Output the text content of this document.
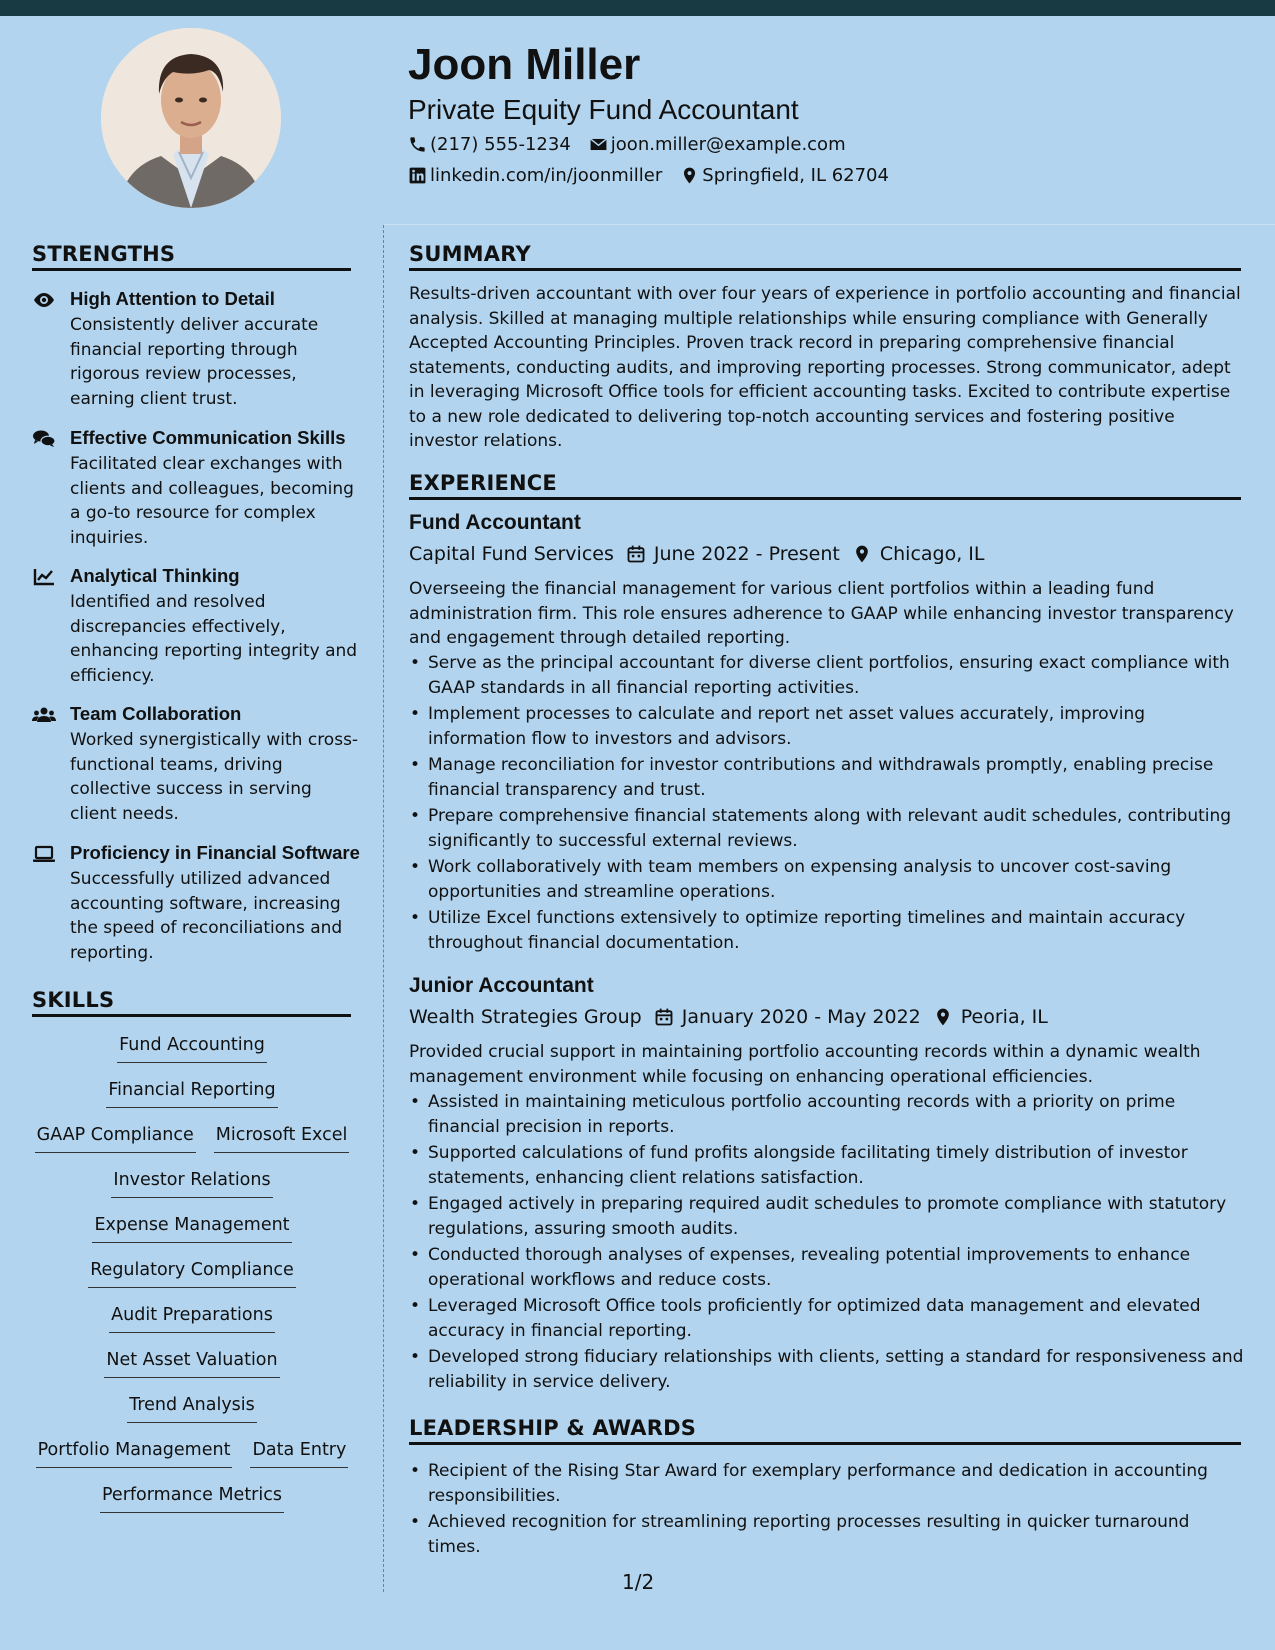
Joon Miller
Private Equity Fund Accountant
(217) 555-1234 joon.miller@example.com
linkedin.com/in/joonmiller Springfield, IL 62704
STRENGTHS
High Attention to Detail
Consistently deliver accurate financial reporting through rigorous review processes, earning client trust.
Effective Communication Skills
Facilitated clear exchanges with clients and colleagues, becoming a go-to resource for complex inquiries.
Analytical Thinking
Identified and resolved discrepancies effectively, enhancing reporting integrity and efficiency.
Team Collaboration
Worked synergistically with cross-functional teams, driving collective success in serving client needs.
Proficiency in Financial Software
Successfully utilized advanced accounting software, increasing the speed of reconciliations and reporting.
SKILLS
Fund Accounting
Financial Reporting
GAAP Compliance Microsoft Excel
Investor Relations
Expense Management
Regulatory Compliance
Audit Preparations
Net Asset Valuation
Trend Analysis
Portfolio Management Data Entry
Performance Metrics
SUMMARY
Results-driven accountant with over four years of experience in portfolio accounting and financial analysis. Skilled at managing multiple relationships while ensuring compliance with Generally Accepted Accounting Principles. Proven track record in preparing comprehensive financial statements, conducting audits, and improving reporting processes. Strong communicator, adept in leveraging Microsoft Office tools for efficient accounting tasks. Excited to contribute expertise to a new role dedicated to delivering top-notch accounting services and fostering positive investor relations.
EXPERIENCE
Fund Accountant
Capital Fund Services June 2022 - Present Chicago, IL
Overseeing the financial management for various client portfolios within a leading fund administration firm. This role ensures adherence to GAAP while enhancing investor transparency and engagement through detailed reporting.
• Serve as the principal accountant for diverse client portfolios, ensuring exact compliance with GAAP standards in all financial reporting activities.
• Implement processes to calculate and report net asset values accurately, improving information flow to investors and advisors.
• Manage reconciliation for investor contributions and withdrawals promptly, enabling precise financial transparency and trust.
• Prepare comprehensive financial statements along with relevant audit schedules, contributing significantly to successful external reviews.
• Work collaboratively with team members on expensing analysis to uncover cost-saving opportunities and streamline operations.
• Utilize Excel functions extensively to optimize reporting timelines and maintain accuracy throughout financial documentation.
Junior Accountant
Wealth Strategies Group January 2020 - May 2022 Peoria, IL
Provided crucial support in maintaining portfolio accounting records within a dynamic wealth management environment while focusing on enhancing operational efficiencies.
• Assisted in maintaining meticulous portfolio accounting records with a priority on prime financial precision in reports.
• Supported calculations of fund profits alongside facilitating timely distribution of investor statements, enhancing client relations satisfaction.
• Engaged actively in preparing required audit schedules to promote compliance with statutory regulations, assuring smooth audits.
• Conducted thorough analyses of expenses, revealing potential improvements to enhance operational workflows and reduce costs.
• Leveraged Microsoft Office tools proficiently for optimized data management and elevated accuracy in financial reporting.
• Developed strong fiduciary relationships with clients, setting a standard for responsiveness and reliability in service delivery.
LEADERSHIP & AWARDS
• Recipient of the Rising Star Award for exemplary performance and dedication in accounting responsibilities.
• Achieved recognition for streamlining reporting processes resulting in quicker turnaround times.
1/2
